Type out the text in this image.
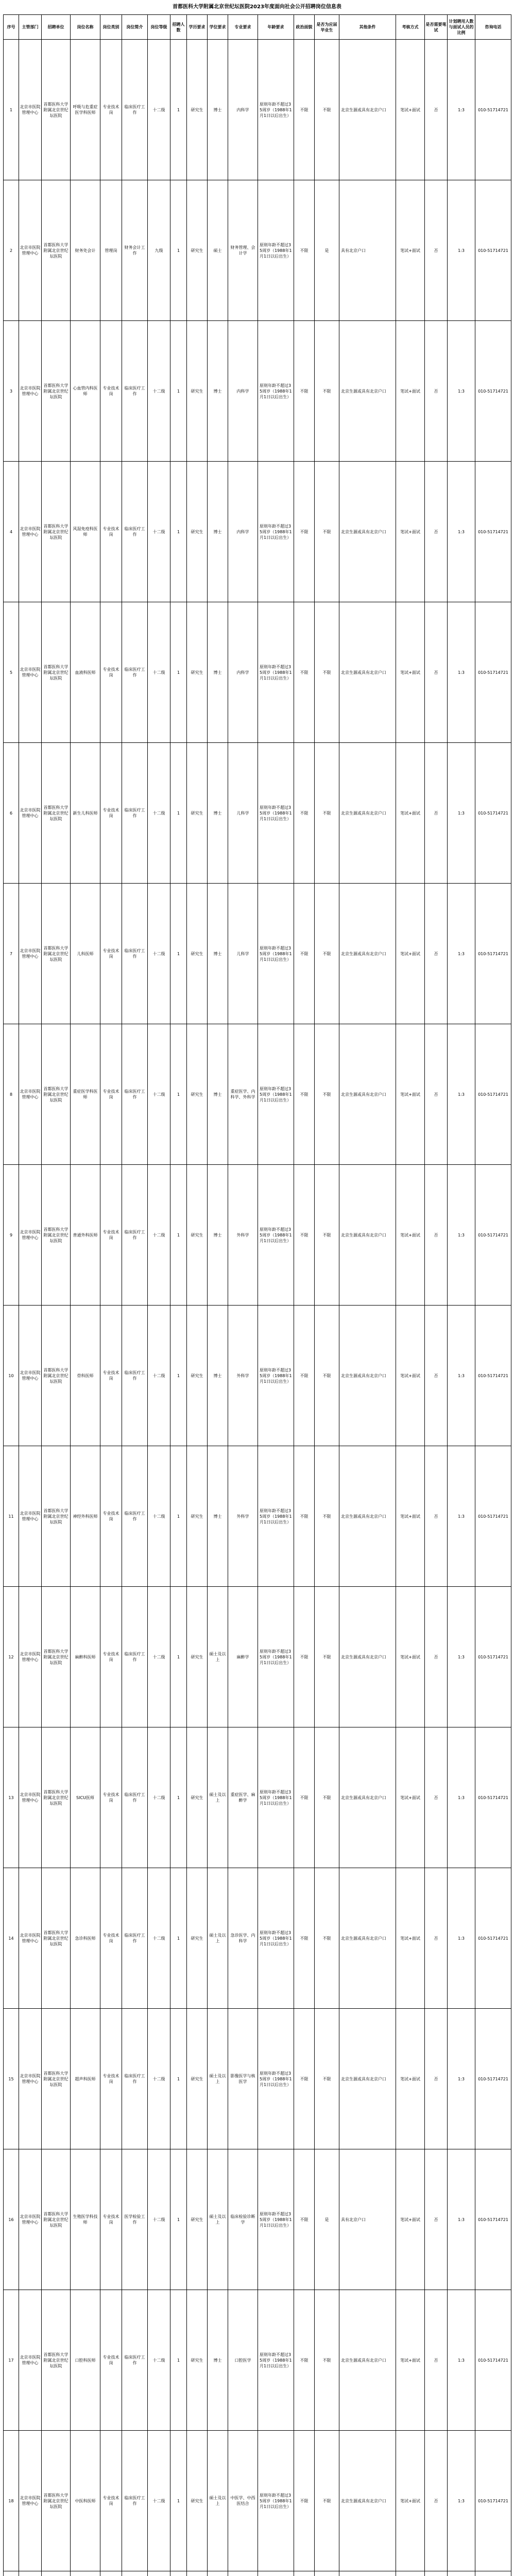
首都医科大学附属北京世纪坛医院2023年度面向社会公开招聘岗位信息表
序号	主管部门	招聘单位	岗位名称	岗位类别	岗位简介	岗位等级	招聘人数	学历要求	学位要求	专业要求	年龄要求	政治面貌	是否为应届毕业生	其他条件	考核方式	是否需要笔试	计划聘用人数与面试人员的比例	咨询电话
1	北京市医院管理中心	首都医科大学附属北京世纪坛医院	呼吸与危重症医学科医师	专业技术岗	临床医疗工作	十二级	1	研究生	博士	内科学	原则年龄不超过35周岁（1988年1月1日以后出生）	不限	不限	北京生源或具有北京户口	笔试+面试	否	1:3	010-51714721
2	北京市医院管理中心	首都医科大学附属北京世纪坛医院	财务处会计	管理岗	财务会计工作	九级	1	研究生	硕士	财务管理、会计学	原则年龄不超过35周岁（1988年1月1日以后出生）	不限	是	具有北京户口	笔试+面试	否	1:3	010-51714721
3	北京市医院管理中心	首都医科大学附属北京世纪坛医院	心血管内科医师	专业技术岗	临床医疗工作	十二级	1	研究生	博士	内科学	原则年龄不超过35周岁（1988年1月1日以后出生）	不限	不限	北京生源或具有北京户口	笔试+面试	否	1:3	010-51714721
4	北京市医院管理中心	首都医科大学附属北京世纪坛医院	风湿免疫科医师	专业技术岗	临床医疗工作	十二级	1	研究生	博士	内科学	原则年龄不超过35周岁（1988年1月1日以后出生）	不限	不限	北京生源或具有北京户口	笔试+面试	否	1:3	010-51714721
5	北京市医院管理中心	首都医科大学附属北京世纪坛医院	血液科医师	专业技术岗	临床医疗工作	十二级	1	研究生	博士	内科学	原则年龄不超过35周岁（1988年1月1日以后出生）	不限	不限	北京生源或具有北京户口	笔试+面试	否	1:3	010-51714721
6	北京市医院管理中心	首都医科大学附属北京世纪坛医院	新生儿科医师	专业技术岗	临床医疗工作	十二级	1	研究生	博士	儿科学	原则年龄不超过35周岁（1988年1月1日以后出生）	不限	不限	北京生源或具有北京户口	笔试+面试	否	1:3	010-51714721
7	北京市医院管理中心	首都医科大学附属北京世纪坛医院	儿科医师	专业技术岗	临床医疗工作	十二级	1	研究生	博士	儿科学	原则年龄不超过35周岁（1988年1月1日以后出生）	不限	不限	北京生源或具有北京户口	笔试+面试	否	1:3	010-51714721
8	北京市医院管理中心	首都医科大学附属北京世纪坛医院	重症医学科医师	专业技术岗	临床医疗工作	十二级	1	研究生	博士	重症医学、内科学、外科学	原则年龄不超过35周岁（1988年1月1日以后出生）	不限	不限	北京生源或具有北京户口	笔试+面试	否	1:3	010-51714721
9	北京市医院管理中心	首都医科大学附属北京世纪坛医院	普通外科医师	专业技术岗	临床医疗工作	十二级	1	研究生	博士	外科学	原则年龄不超过35周岁（1988年1月1日以后出生）	不限	不限	北京生源或具有北京户口	笔试+面试	否	1:3	010-51714721
10	北京市医院管理中心	首都医科大学附属北京世纪坛医院	骨科医师	专业技术岗	临床医疗工作	十二级	1	研究生	博士	外科学	原则年龄不超过35周岁（1988年1月1日以后出生）	不限	不限	北京生源或具有北京户口	笔试+面试	否	1:3	010-51714721
11	北京市医院管理中心	首都医科大学附属北京世纪坛医院	神经外科医师	专业技术岗	临床医疗工作	十二级	1	研究生	博士	外科学	原则年龄不超过35周岁（1988年1月1日以后出生）	不限	不限	北京生源或具有北京户口	笔试+面试	否	1:3	010-51714721
12	北京市医院管理中心	首都医科大学附属北京世纪坛医院	麻醉科医师	专业技术岗	临床医疗工作	十二级	1	研究生	硕士及以上	麻醉学	原则年龄不超过35周岁（1988年1月1日以后出生）	不限	不限	北京生源或具有北京户口	笔试+面试	否	1:3	010-51714721
13	北京市医院管理中心	首都医科大学附属北京世纪坛医院	SICU医师	专业技术岗	临床医疗工作	十二级	1	研究生	硕士及以上	重症医学、麻醉学	原则年龄不超过35周岁（1988年1月1日以后出生）	不限	不限	北京生源或具有北京户口	笔试+面试	否	1:3	010-51714721
14	北京市医院管理中心	首都医科大学附属北京世纪坛医院	急诊科医师	专业技术岗	临床医疗工作	十二级	1	研究生	硕士及以上	急诊医学、内科学	原则年龄不超过35周岁（1988年1月1日以后出生）	不限	不限	北京生源或具有北京户口	笔试+面试	否	1:3	010-51714721
15	北京市医院管理中心	首都医科大学附属北京世纪坛医院	超声科医师	专业技术岗	临床医疗工作	十二级	1	研究生	硕士及以上	影像医学与核医学	原则年龄不超过35周岁（1988年1月1日以后出生）	不限	不限	北京生源或具有北京户口	笔试+面试	否	1:3	010-51714721
16	北京市医院管理中心	首都医科大学附属北京世纪坛医院	生殖医学科技师	专业技术岗	医学检验工作	十二级	1	研究生	硕士及以上	临床检验诊断学	原则年龄不超过35周岁（1988年1月1日以后出生）	不限	是	具有北京户口	笔试+面试	否	1:3	010-51714721
17	北京市医院管理中心	首都医科大学附属北京世纪坛医院	口腔科医师	专业技术岗	临床医疗工作	十二级	1	研究生	博士	口腔医学	原则年龄不超过35周岁（1988年1月1日以后出生）	不限	不限	北京生源或具有北京户口	笔试+面试	否	1:3	010-51714721
18	北京市医院管理中心	首都医科大学附属北京世纪坛医院	中医科医师	专业技术岗	临床医疗工作	十二级	1	研究生	硕士及以上	中医学、中西医结合	原则年龄不超过35周岁（1988年1月1日以后出生）	不限	不限	北京生源或具有北京户口	笔试+面试	否	1:3	010-51714721
